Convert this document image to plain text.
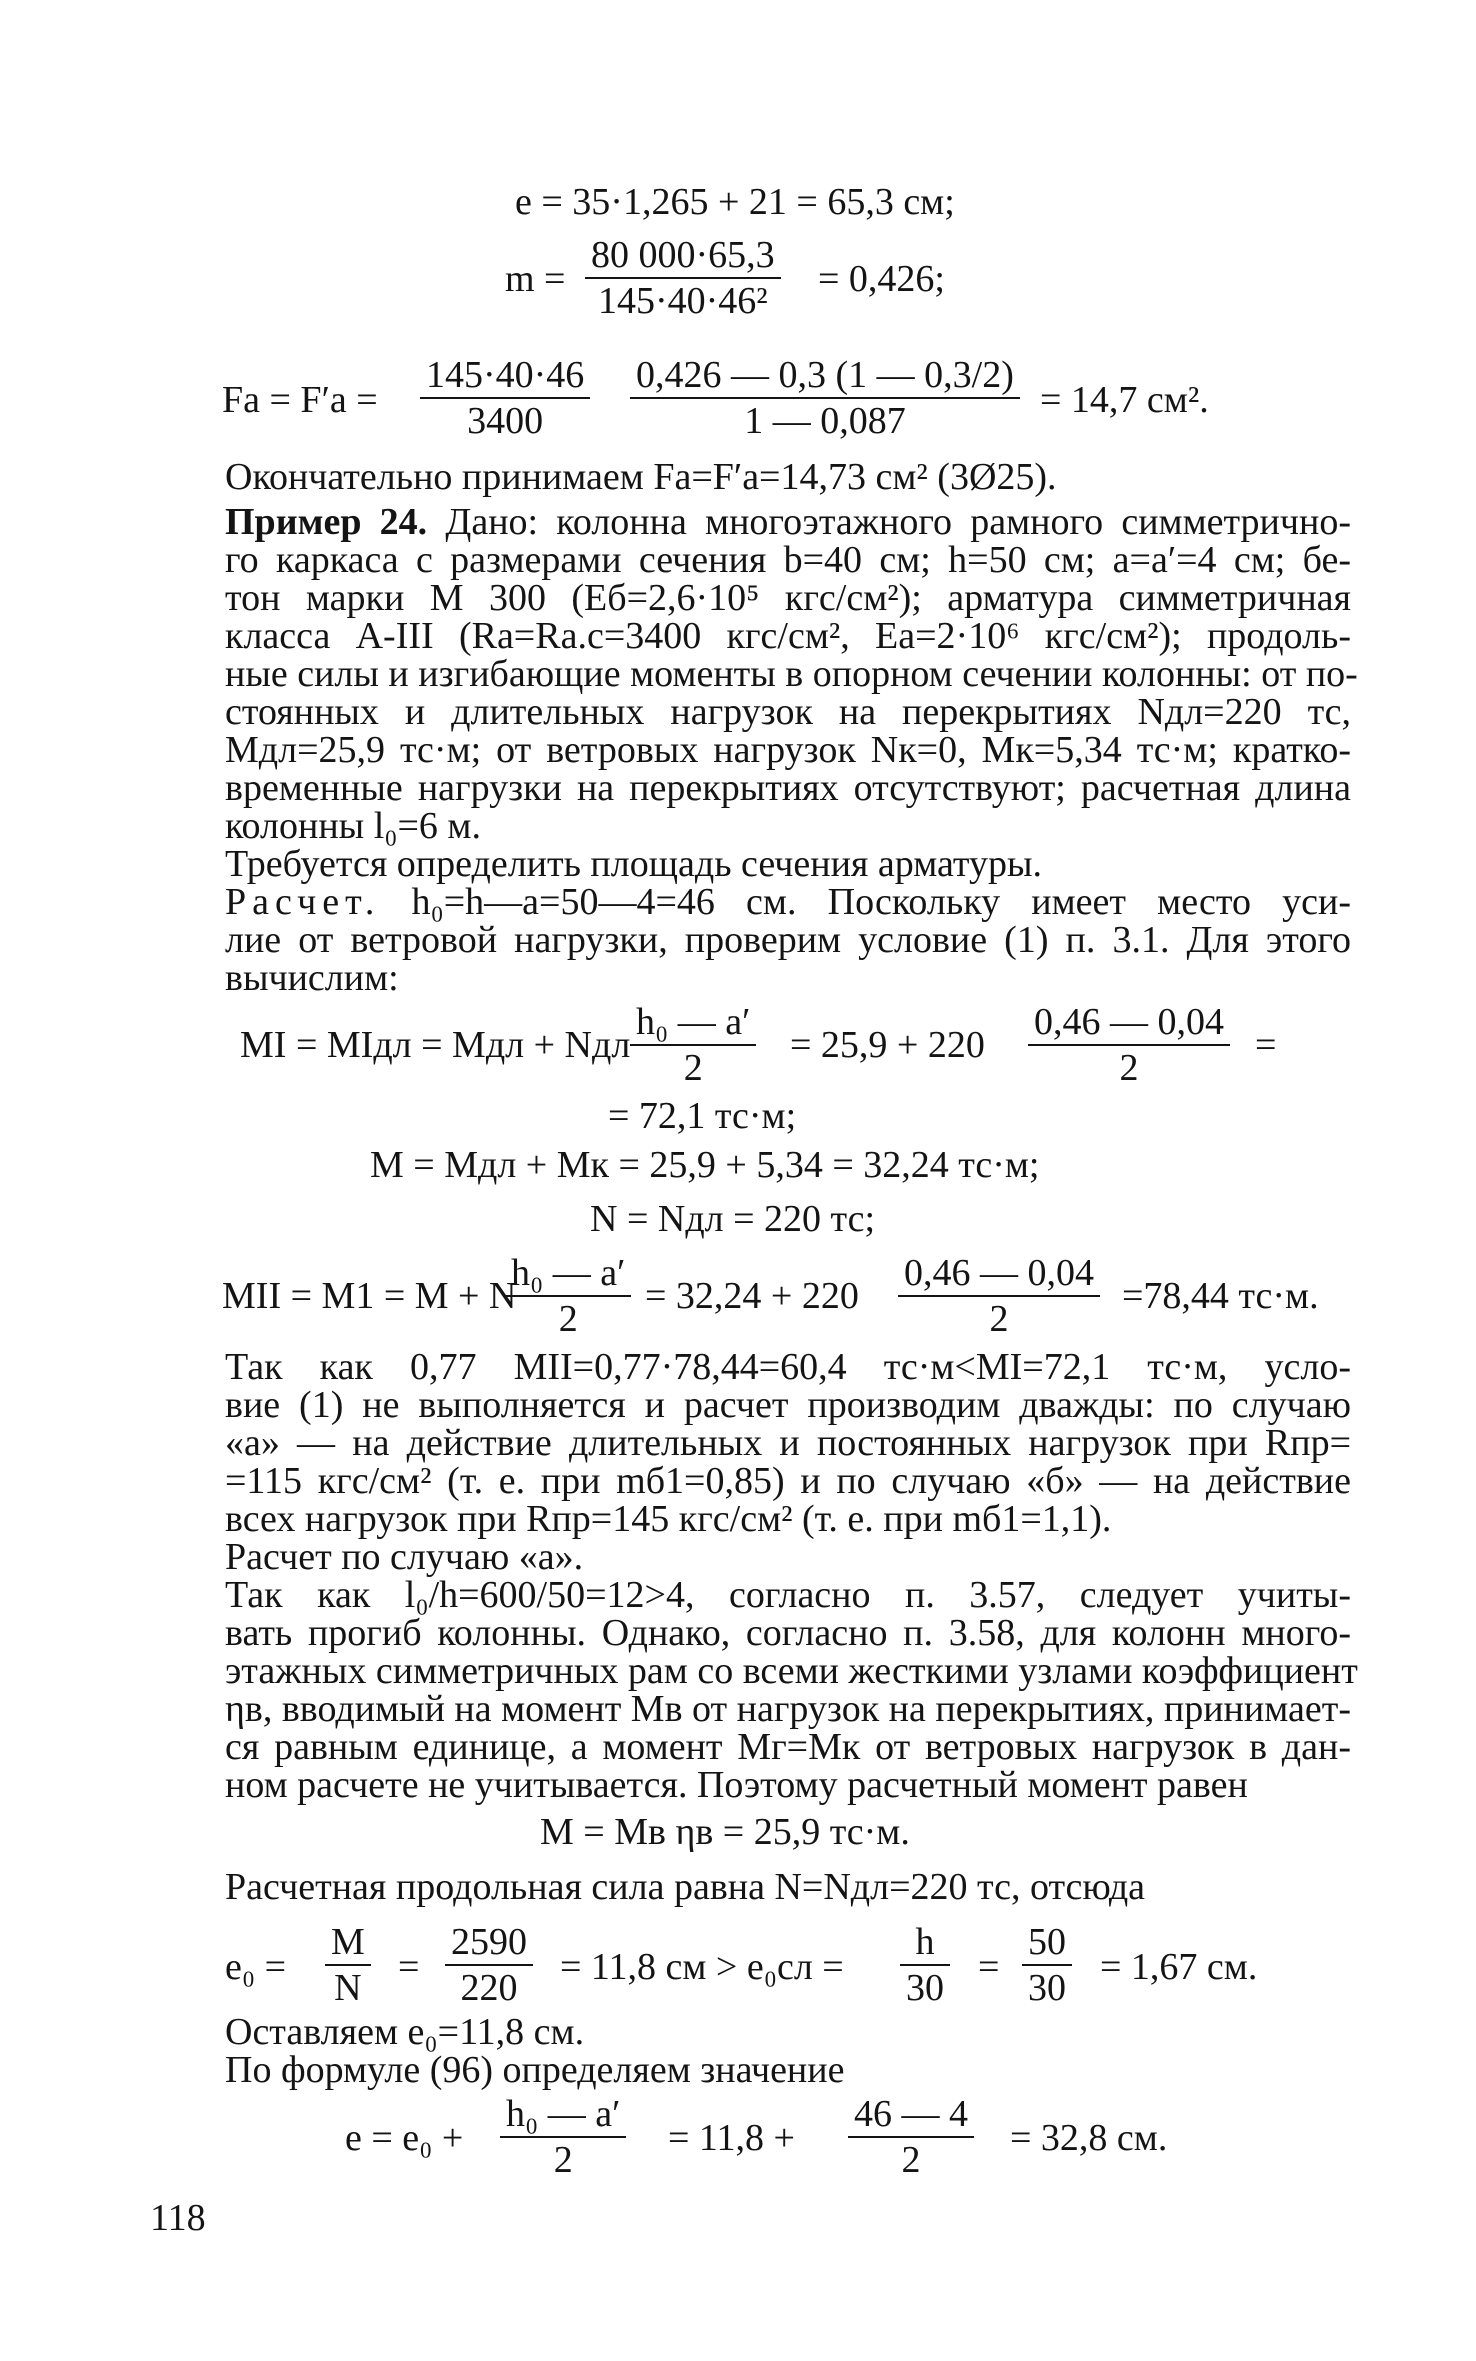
e = 35·1,265 + 21 = 65,3 см;
$m = \frac{80 000\cdot 65,3}{\text{145·40·46²}} = 0,426$;
$Fa = F'a = \frac{145\cdot 40\cdot 46}{3400} \frac{0,426 — 0,3 (1 — 0,3/2)}{1 — 0,087} = 14,7$ см².
Окончательно принимаем Fa=F′a=14,73 см² (3Ø25).
Пример 24. Дано: колонна многоэтажного рамного симметрично-
го каркаса с размерами сечения b=40 см; h=50 см; a=a′=4 см; бе-
тон марки М 300 (Еб=2,6·10⁵ кгс/см²); арматура симметричная
класса А-III (Ra=Ra.c=3400 кгс/см², Ea=2·10⁶ кгс/см²); продоль-
ные силы и изгибающие моменты в опорном сечении колонны: от по-
стоянных и длительных нагрузок на перекрытиях Nдл=220 тс,
Mдл=25,9 тс·м; от ветровых нагрузок Nк=0, Mк=5,34 тс·м; кратко-
временные нагрузки на перекрытиях отсутствуют; расчетная длина
колонны l₀=6 м.
Требуется определить площадь сечения арматуры.
Расчет. h₀=h—a=50—4=46 см. Поскольку имеет место уси-
лие от ветровой нагрузки, проверим условие (1) п. 3.1. Для этого
вычислим:
MI = MIдл = Mдл + Nдл $\frac{\text{h₀ — a′}}{2} = 25,9 + 220 \frac{0,46 — 0,04}{2}$ =
= 72,1 тс·м;
M = Mдл + Mк = 25,9 + 5,34 = 32,24 тс·м;
N = Nдл = 220 тс;
MII = M1 = M + N
$\frac{\text{h₀ — a′}}{2} = 32,24 + 220 \frac{0,46 — 0,04}{2} =78,44$ тс·м.
Так как 0,77 MII=0,77·78,44=60,4 тс·м<MI=72,1 тс·м, усло-
вие (1) не выполняется и расчет производим дважды: по случаю
«а» — на действие длительных и постоянных нагрузок при Rпр=
=115 кгс/см² (т. е. при mб1=0,85) и по случаю «б» — на действие
всех нагрузок при Rпр=145 кгс/см² (т. е. при mб1=1,1).
Расчет по случаю «а».
Так как l₀/h=600/50=12>4, согласно п. 3.57, следует учиты-
вать прогиб колонны. Однако, согласно п. 3.58, для колонн много-
этажных симметричных рам со всеми жесткими узлами коэффициент
ηв, вводимый на момент Mв от нагрузок на перекрытиях, принимает-
ся равным единице, а момент Mг=Mк от ветровых нагрузок в дан-
ном расчете не учитывается. Поэтому расчетный момент равен
M = Mв ηв = 25,9 тс·м.
Расчетная продольная сила равна N=Nдл=220 тс, отсюда
$e_0 = \frac{M}{N} = \frac{2590}{220} = 11,8$ см > $e_0сл = \frac{h}{30} = \frac{50}{30} = 1,67$ см.
Оставляем e₀=11,8 см.
По формуле (96) определяем значение
$e = e_0 + \frac{\text{h₀ — a′}}{2} = 11,8 + \frac{46 — 4}{2} = 32,8$ см.
118
